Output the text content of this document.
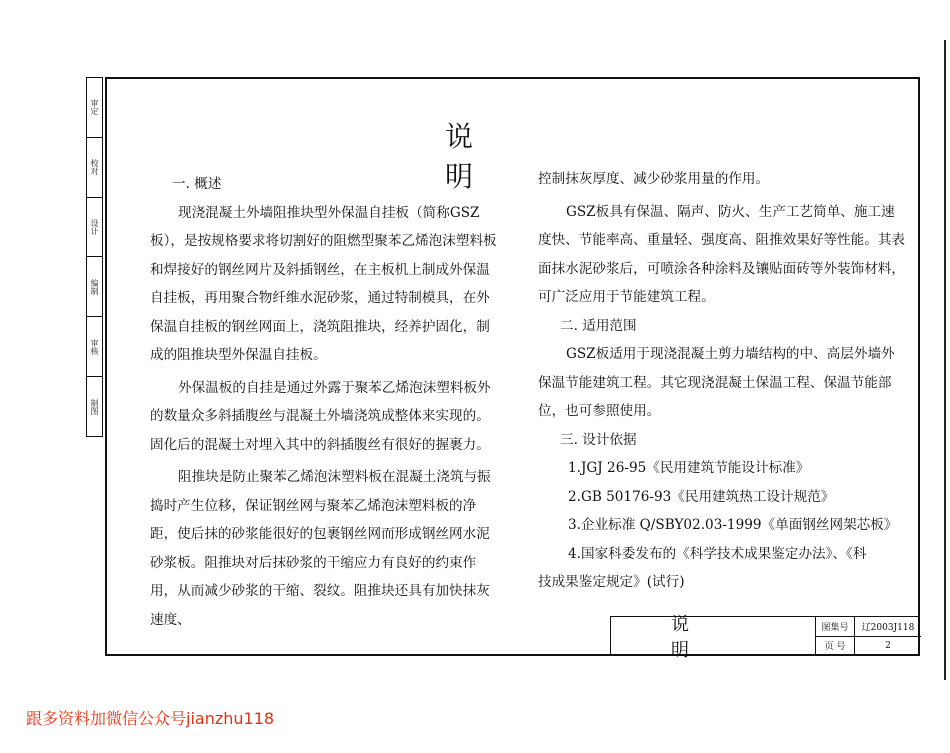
审定
校对
设计
编制
审核
制图
说 明

一. 概述

现浇混凝土外墙阻推块型外保温自挂板（简称GSZ板），是按规格要求将切割好的阻燃型聚苯乙烯泡沫塑料板和焊接好的钢丝网片及斜插钢丝，在主板机上制成外保温自挂板，再用聚合物纤维水泥砂浆，通过特制模具，在外保温自挂板的钢丝网面上，浇筑阻推块，经养护固化，制成的阻推块型外保温自挂板。

外保温板的自挂是通过外露于聚苯乙烯泡沫塑料板外的数量众多斜插腹丝与混凝土外墙浇筑成整体来实现的。固化后的混凝土对埋入其中的斜插腹丝有很好的握裹力。

阻推块是防止聚苯乙烯泡沫塑料板在混凝土浇筑与振捣时产生位移，保证钢丝网与聚苯乙烯泡沫塑料板的净距，使后抹的砂浆能很好的包裹钢丝网而形成钢丝网水泥砂浆板。阻推块对后抹砂浆的干缩应力有良好的约束作用，从而减少砂浆的干缩、裂纹。阻推块还具有加快抹灰速度、

控制抹灰厚度、减少砂浆用量的作用。

GSZ板具有保温、隔声、防火、生产工艺简单、施工速度快、节能率高、重量轻、强度高、阻推效果好等性能。其表面抹水泥砂浆后，可喷涂各种涂料及镶贴面砖等外装饰材料，可广泛应用于节能建筑工程。

二. 适用范围

GSZ板适用于现浇混凝土剪力墙结构的中、高层外墙外保温节能建筑工程。其它现浇混凝土保温工程、保温节能部位，也可参照使用。

三. 设计依据

1.JGJ 26-95《民用建筑节能设计标准》

2.GB 50176-93《民用建筑热工设计规范》

3.企业标准 Q/SBY02.03-1999《单面钢丝网架芯板》

4.国家科委发布的《科学技术成果鉴定办法》、《科

技成果鉴定规定》(试行)

说 明
图集号	辽2003J118
页 号	2
跟多资料加微信公众号jianzhu118
